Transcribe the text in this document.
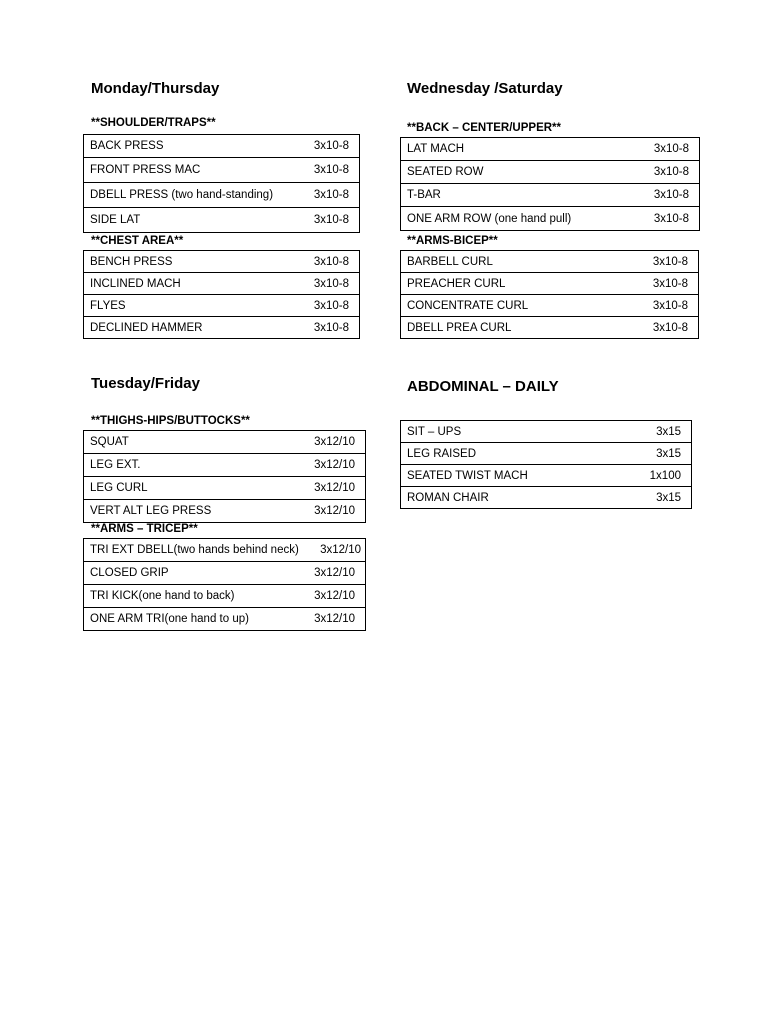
Monday/Thursday
**SHOULDER/TRAPS**
BACK PRESS	3x10-8

FRONT PRESS MAC	3x10-8

DBELL PRESS (two hand-standing)	3x10-8

SIDE LAT	3x10-8
**CHEST AREA**
BENCH PRESS	3x10-8

INCLINED MACH	3x10-8

FLYES	3x10-8

DECLINED HAMMER	3x10-8
Wednesday /Saturday
**BACK – CENTER/UPPER**
LAT MACH	3x10-8

SEATED ROW	3x10-8

T-BAR	3x10-8

ONE ARM ROW (one hand pull)	3x10-8
**ARMS-BICEP**
BARBELL CURL	3x10-8

PREACHER CURL	3x10-8

CONCENTRATE CURL	3x10-8

DBELL PREA CURL	3x10-8
Tuesday/Friday
**THIGHS-HIPS/BUTTOCKS**
SQUAT	3x12/10

LEG EXT.	3x12/10

LEG CURL	3x12/10

VERT ALT LEG PRESS	3x12/10
**ARMS – TRICEP**
TRI EXT DBELL(two hands behind neck) 3x12/10

CLOSED GRIP	3x12/10

TRI KICK(one hand to back)	3x12/10

ONE ARM TRI(one hand to up)	3x12/10
ABDOMINAL – DAILY
SIT – UPS	3x15

LEG RAISED	3x15

SEATED TWIST MACH	1x100

ROMAN CHAIR	3x15
